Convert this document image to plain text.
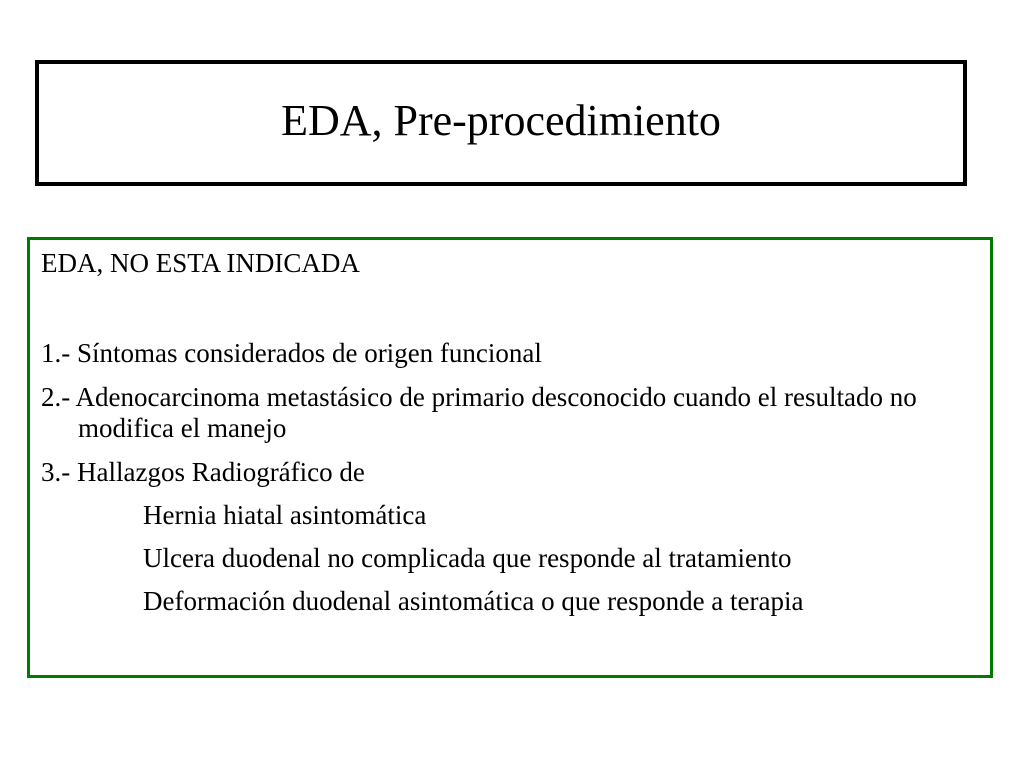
EDA, Pre-procedimiento

EDA, NO ESTA INDICADA

1.- Síntomas considerados de origen funcional
2.- Adenocarcinoma metastásico de primario desconocido cuando el resultado no modifica el manejo
3.- Hallazgos Radiográfico de
Hernia hiatal asintomática
Ulcera duodenal no complicada que responde al tratamiento
Deformación duodenal asintomática o que responde a terapia
